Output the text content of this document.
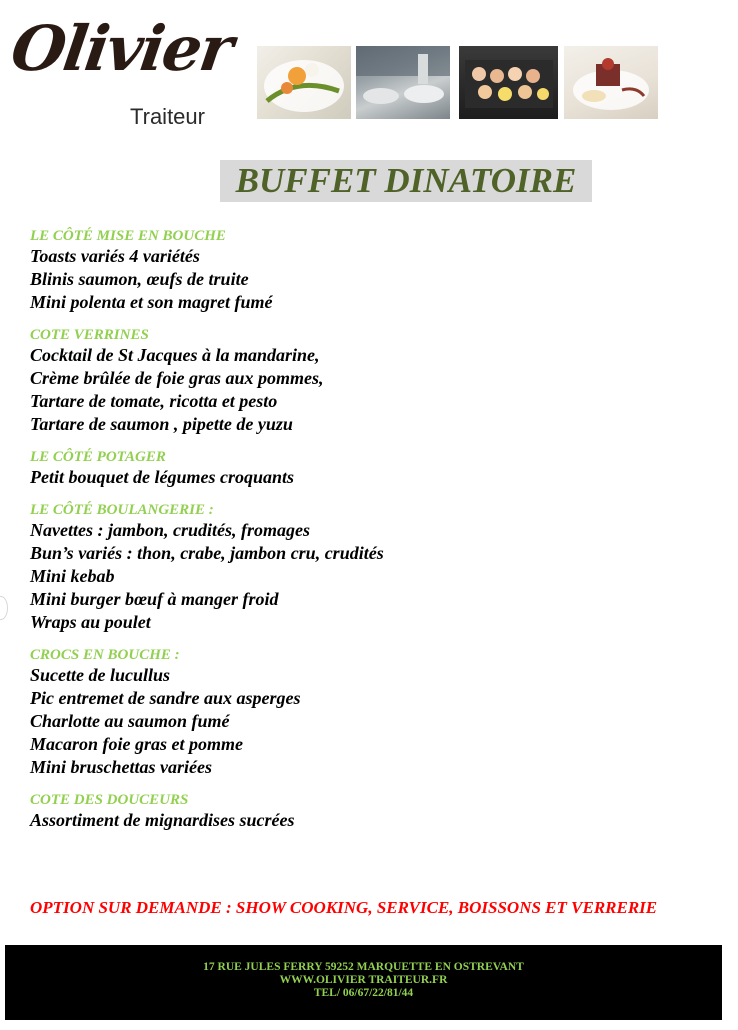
Olivier
Traiteur
BUFFET DINATOIRE
LE CÔTÉ MISE EN BOUCHE
Toasts variés 4 variétés
Blinis saumon, œufs de truite
Mini polenta et son magret fumé
COTE VERRINES
Cocktail de St Jacques à la mandarine,
Crème brûlée de foie gras aux pommes,
Tartare de tomate, ricotta et pesto
Tartare de saumon , pipette de yuzu
LE CÔTÉ POTAGER
Petit bouquet de légumes croquants
LE CÔTÉ BOULANGERIE :
Navettes : jambon, crudités, fromages
Bun’s variés : thon, crabe, jambon cru, crudités
Mini kebab
Mini burger bœuf à manger froid
Wraps au poulet
CROCS EN BOUCHE :
Sucette de lucullus
Pic entremet de sandre aux asperges
Charlotte au saumon fumé
Macaron foie gras et pomme
Mini bruschettas variées
COTE DES DOUCEURS
Assortiment de mignardises sucrées
OPTION SUR DEMANDE : SHOW COOKING, SERVICE, BOISSONS ET VERRERIE
17 RUE JULES FERRY 59252 MARQUETTE EN OSTREVANT
WWW.OLIVIER TRAITEUR.FR
TEL/ 06/67/22/81/44
